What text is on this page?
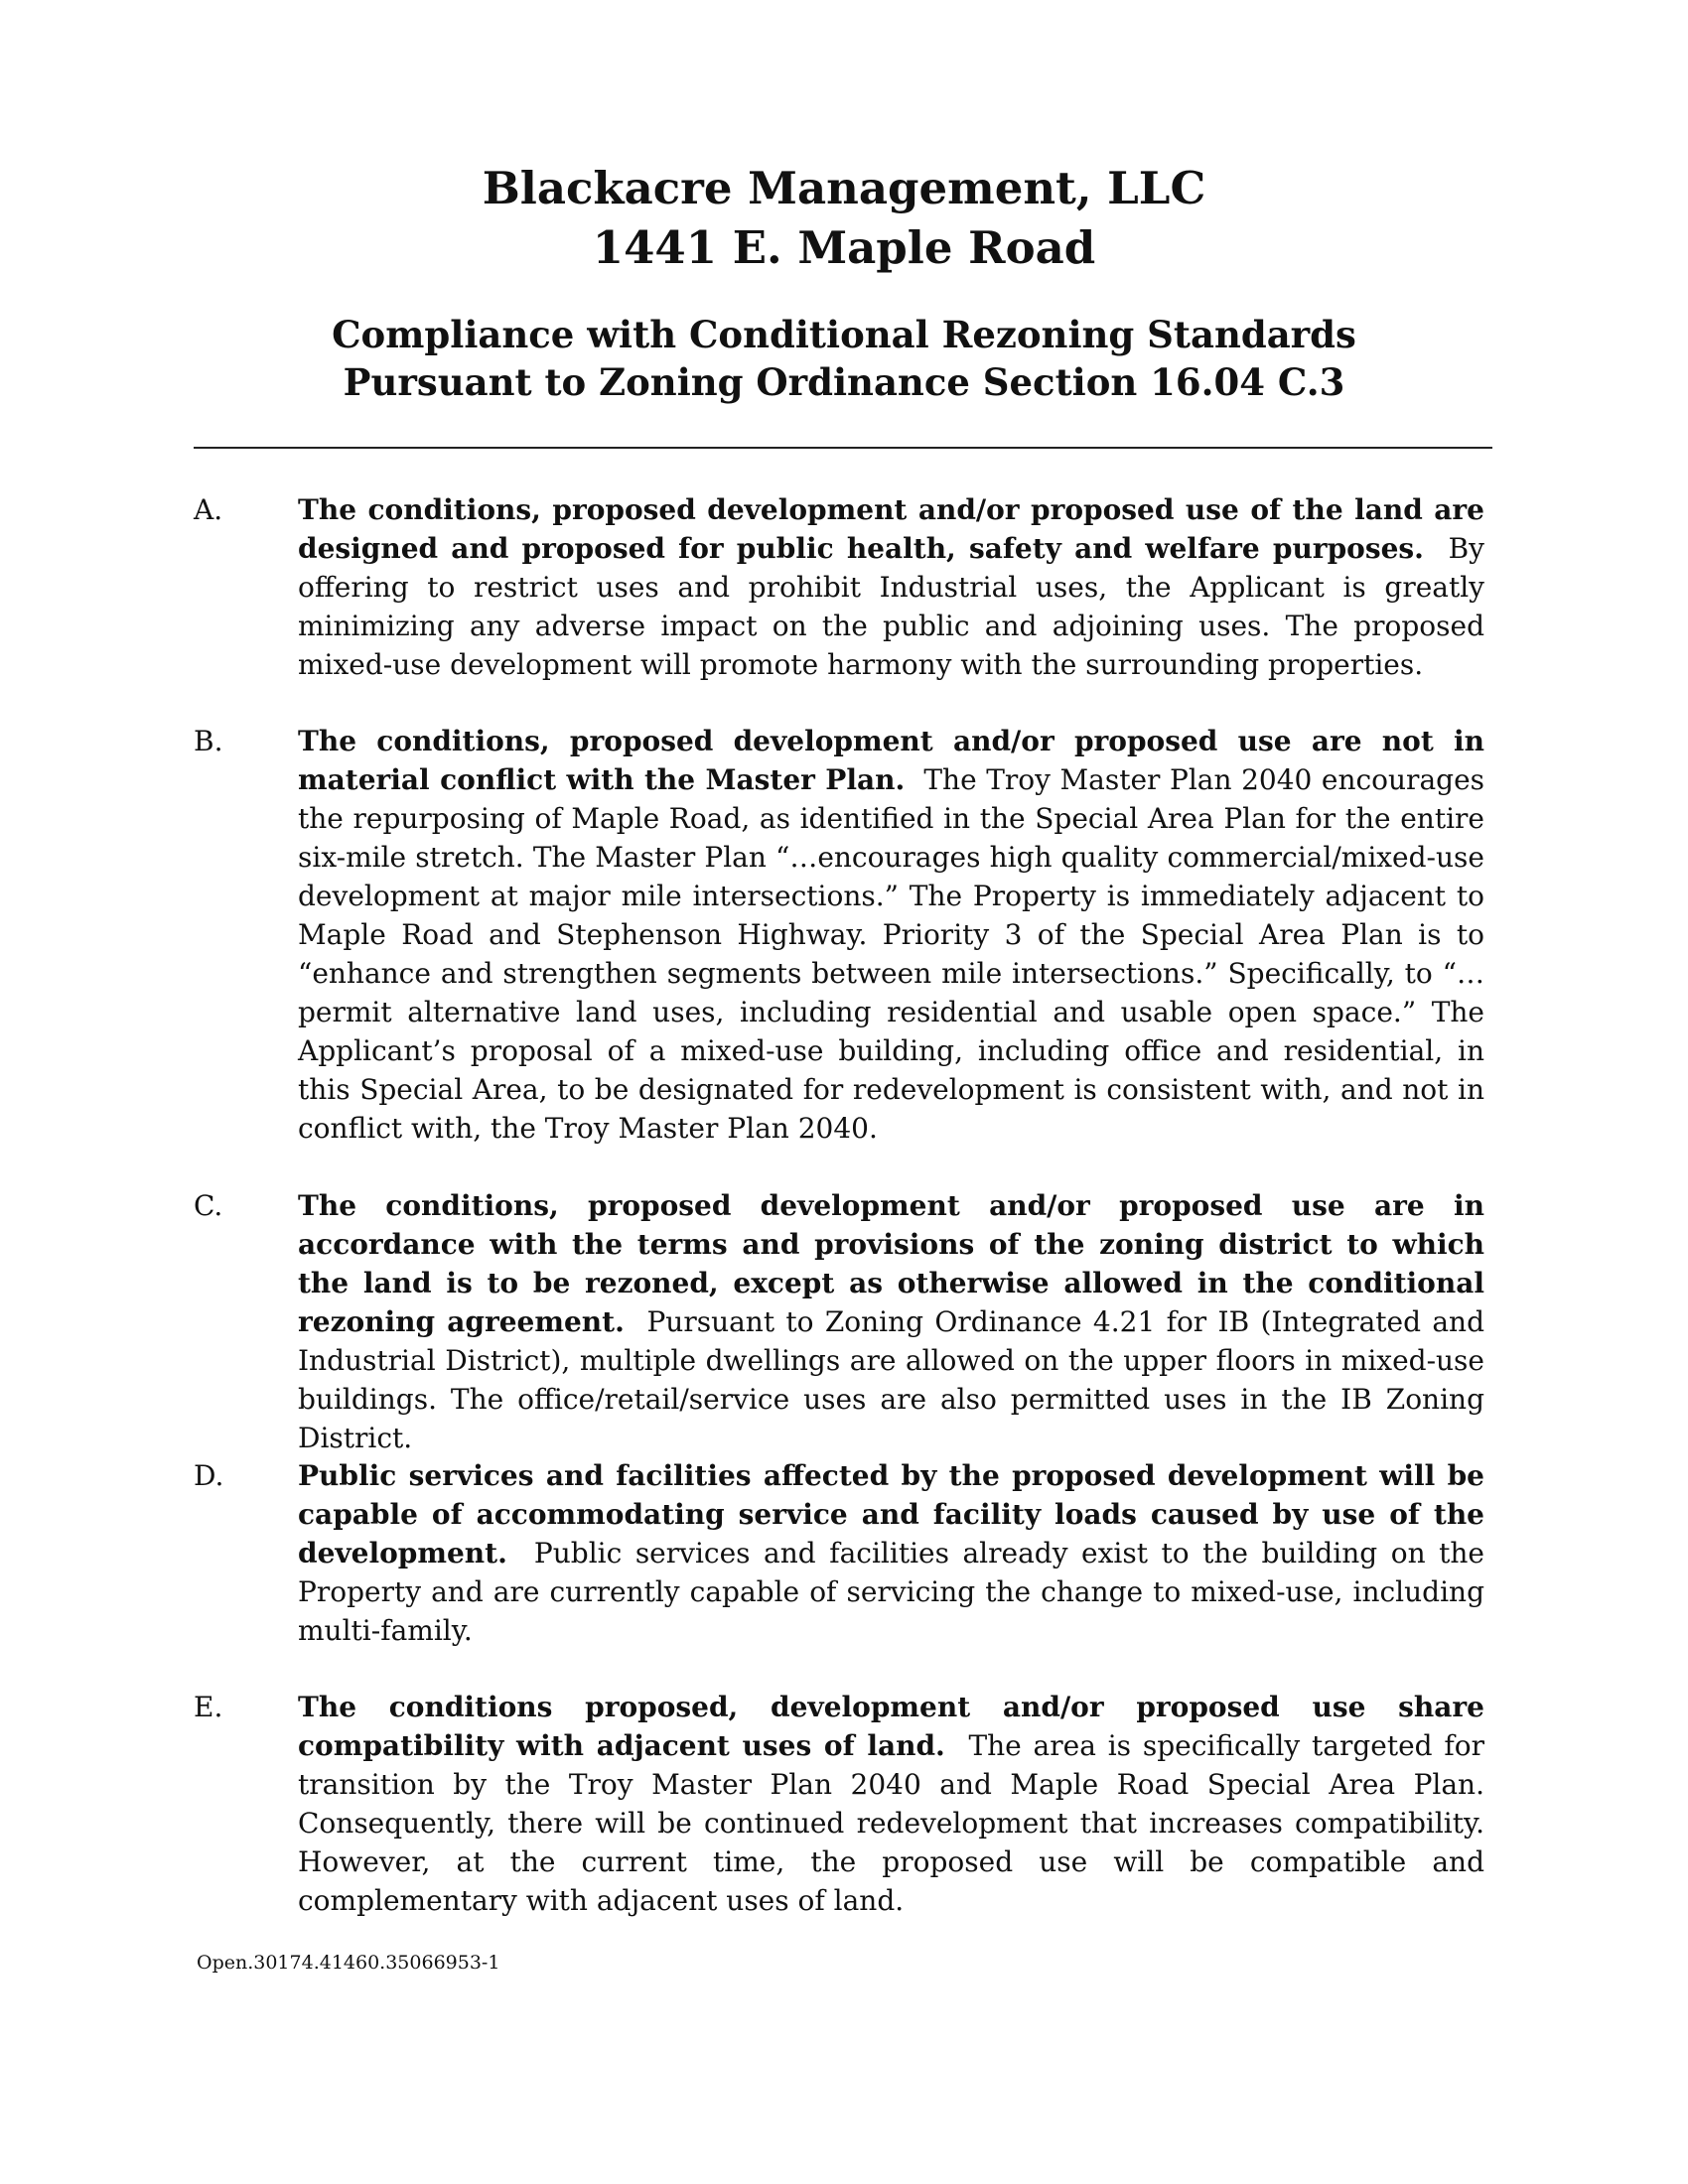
Blackacre Management, LLC
1441 E. Maple Road
Compliance with Conditional Rezoning Standards
Pursuant to Zoning Ordinance Section 16.04 C.3
A.	The conditions, proposed development and/or proposed use of the land are designed and proposed for public health, safety and welfare purposes. By offering to restrict uses and prohibit Industrial uses, the Applicant is greatly minimizing any adverse impact on the public and adjoining uses. The proposed mixed-use development will promote harmony with the surrounding properties.
B.	The conditions, proposed development and/or proposed use are not in material conflict with the Master Plan. The Troy Master Plan 2040 encourages the repurposing of Maple Road, as identified in the Special Area Plan for the entire six-mile stretch. The Master Plan “…encourages high quality commercial/mixed-use development at major mile intersections.” The Property is immediately adjacent to Maple Road and Stephenson Highway. Priority 3 of the Special Area Plan is to “enhance and strengthen segments between mile intersections.” Specifically, to “…permit alternative land uses, including residential and usable open space.” The Applicant’s proposal of a mixed-use building, including office and residential, in this Special Area, to be designated for redevelopment is consistent with, and not in conflict with, the Troy Master Plan 2040.
C.	The conditions, proposed development and/or proposed use are in accordance with the terms and provisions of the zoning district to which the land is to be rezoned, except as otherwise allowed in the conditional rezoning agreement. Pursuant to Zoning Ordinance 4.21 for IB (Integrated and Industrial District), multiple dwellings are allowed on the upper floors in mixed-use buildings. The office/retail/service uses are also permitted uses in the IB Zoning District.
D.	Public services and facilities affected by the proposed development will be capable of accommodating service and facility loads caused by use of the development. Public services and facilities already exist to the building on the Property and are currently capable of servicing the change to mixed-use, including multi-family.
E.	The conditions proposed, development and/or proposed use share compatibility with adjacent uses of land. The area is specifically targeted for transition by the Troy Master Plan 2040 and Maple Road Special Area Plan. Consequently, there will be continued redevelopment that increases compatibility. However, at the current time, the proposed use will be compatible and complementary with adjacent uses of land.
Open.30174.41460.35066953-1
